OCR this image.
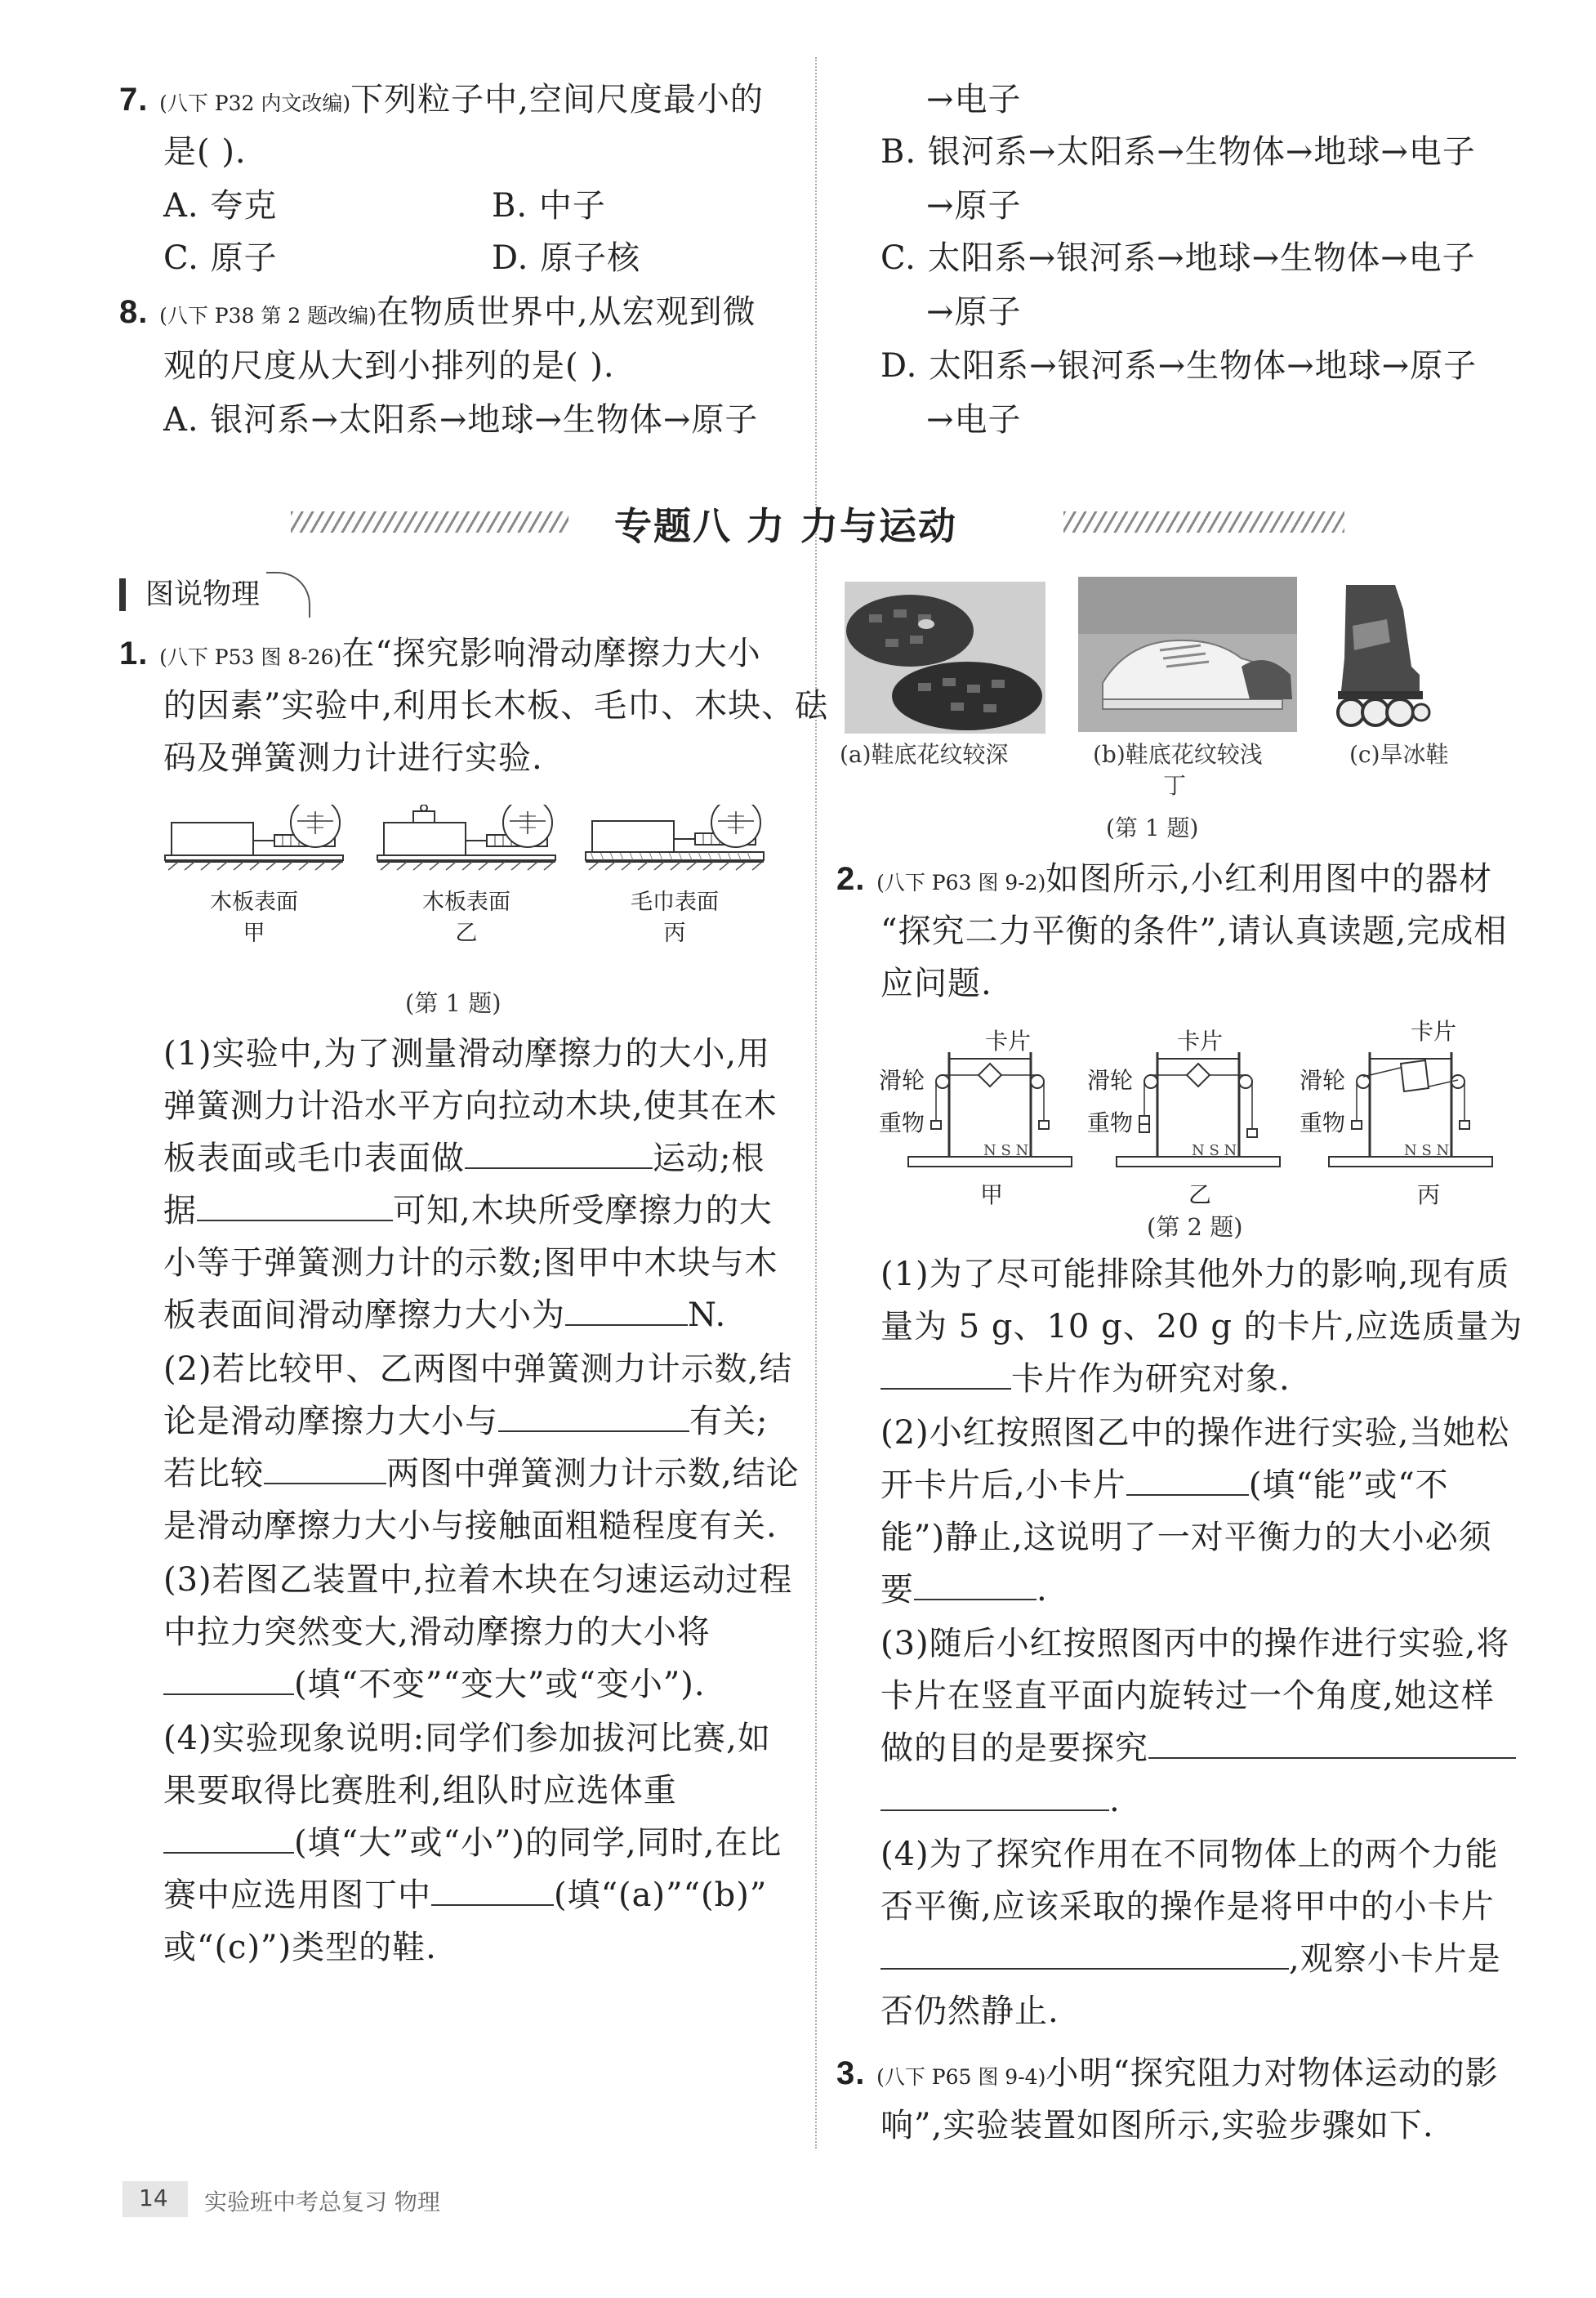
7. (八下 P32 内文改编)下列粒子中,空间尺度最小的
是( ).
A. 夸克	B. 中子
C. 原子	D. 原子核
8. (八下 P38 第 2 题改编)在物质世界中,从宏观到微
观的尺度从大到小排列的是( ).
A. 银河系→太阳系→地球→生物体→原子
→电子
B. 银河系→太阳系→生物体→地球→电子
→原子
C. 太阳系→银河系→地球→生物体→电子
→原子
D. 太阳系→银河系→生物体→地球→原子
→电子
专题八 力 力与运动
图说物理
1. (八下 P53 图 8-26)在“探究影响滑动摩擦力大小
的因素”实验中,利用长木板、毛巾、木块、砝
码及弹簧测力计进行实验.
木板表面
甲
木板表面
乙
毛巾表面
丙
(第 1 题)
(1)实验中,为了测量滑动摩擦力的大小,用
弹簧测力计沿水平方向拉动木块,使其在木
板表面或毛巾表面做	运动;根
据	可知,木块所受摩擦力的大
小等于弹簧测力计的示数;图甲中木块与木
板表面间滑动摩擦力大小为	N.
(2)若比较甲、乙两图中弹簧测力计示数,结
论是滑动摩擦力大小与	有关;
若比较	两图中弹簧测力计示数,结论
是滑动摩擦力大小与接触面粗糙程度有关.
(3)若图乙装置中,拉着木块在匀速运动过程
中拉力突然变大,滑动摩擦力的大小将
(填“不变”“变大”或“变小”).
(4)实验现象说明:同学们参加拔河比赛,如
果要取得比赛胜利,组队时应选体重
(填“大”或“小”)的同学,同时,在比
赛中应选用图丁中	(填“(a)”“(b)”
或“(c)”)类型的鞋.
(a)鞋底花纹较深	(b)鞋底花纹较浅
丁
(c)旱冰鞋
(第 1 题)
2. (八下 P63 图 9-2)如图所示,小红利用图中的器材
“探究二力平衡的条件”,请认真读题,完成相
应问题.
滑轮
重物
卡片
N S N
甲
滑轮
重物
卡片
N S N
乙
滑轮
重物
卡片
N S N
丙
(第 2 题)
(1)为了尽可能排除其他外力的影响,现有质
量为 5 g、10 g、20 g 的卡片,应选质量为
卡片作为研究对象.
(2)小红按照图乙中的操作进行实验,当她松
开卡片后,小卡片	(填“能”或“不
能”)静止,这说明了一对平衡力的大小必须
要	.
(3)随后小红按照图丙中的操作进行实验,将
卡片在竖直平面内旋转过一个角度,她这样
做的目的是要探究
.
(4)为了探究作用在不同物体上的两个力能
否平衡,应该采取的操作是将甲中的小卡片
,观察小卡片是
否仍然静止.
3. (八下 P65 图 9-4)小明“探究阻力对物体运动的影
响”,实验装置如图所示,实验步骤如下.
14 实验班中考总复习 物理
